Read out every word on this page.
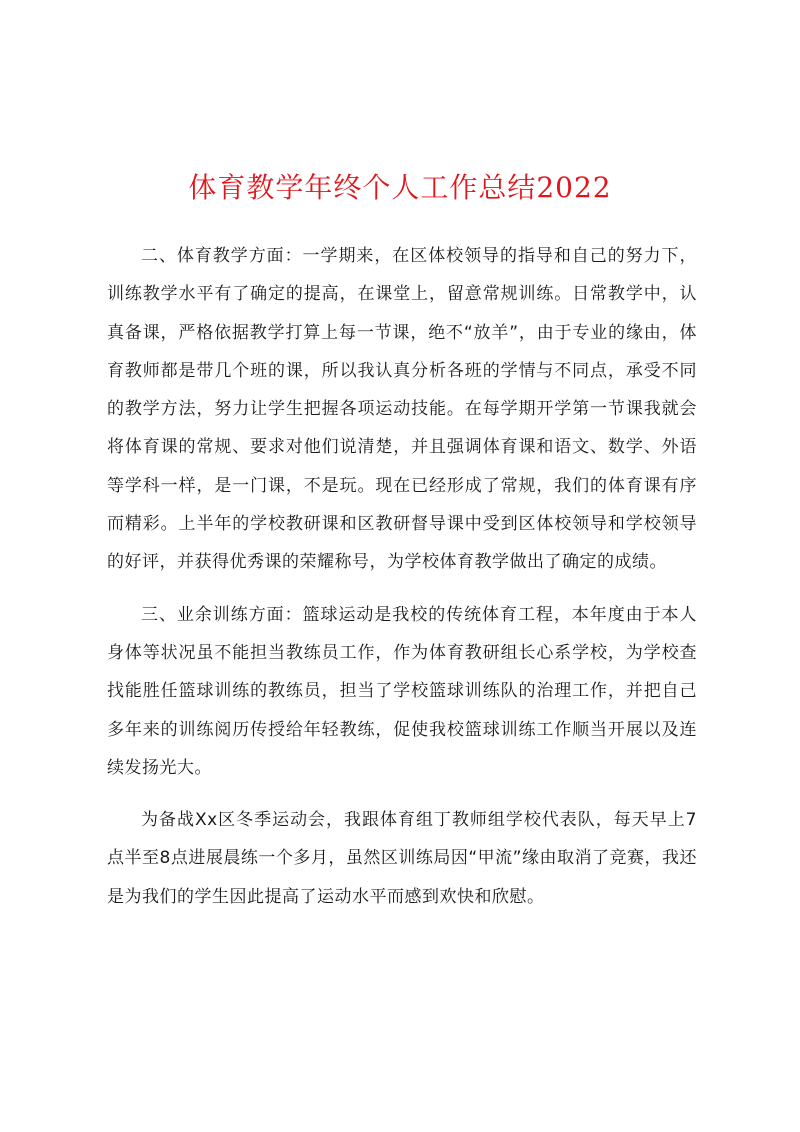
体育教学年终个人工作总结2022

二、体育教学方面：一学期来，在区体校领导的指导和自己的努力下，训练教学水平有了确定的提高，在课堂上，留意常规训练。日常教学中，认真备课，严格依据教学打算上每一节课，绝不“放羊”，由于专业的缘由，体育教师都是带几个班的课，所以我认真分析各班的学情与不同点，承受不同的教学方法，努力让学生把握各项运动技能。在每学期开学第一节课我就会将体育课的常规、要求对他们说清楚，并且强调体育课和语文、数学、外语等学科一样，是一门课，不是玩。现在已经形成了常规，我们的体育课有序而精彩。上半年的学校教研课和区教研督导课中受到区体校领导和学校领导的好评，并获得优秀课的荣耀称号，为学校体育教学做出了确定的成绩。

三、业余训练方面：篮球运动是我校的传统体育工程，本年度由于本人身体等状况虽不能担当教练员工作，作为体育教研组长心系学校，为学校查找能胜任篮球训练的教练员，担当了学校篮球训练队的治理工作，并把自己多年来的训练阅历传授给年轻教练，促使我校篮球训练工作顺当开展以及连续发扬光大。

为备战Xx区冬季运动会，我跟体育组丁教师组学校代表队，每天早上7点半至8点进展晨练一个多月，虽然区训练局因“甲流”缘由取消了竞赛，我还是为我们的学生因此提高了运动水平而感到欢快和欣慰。
